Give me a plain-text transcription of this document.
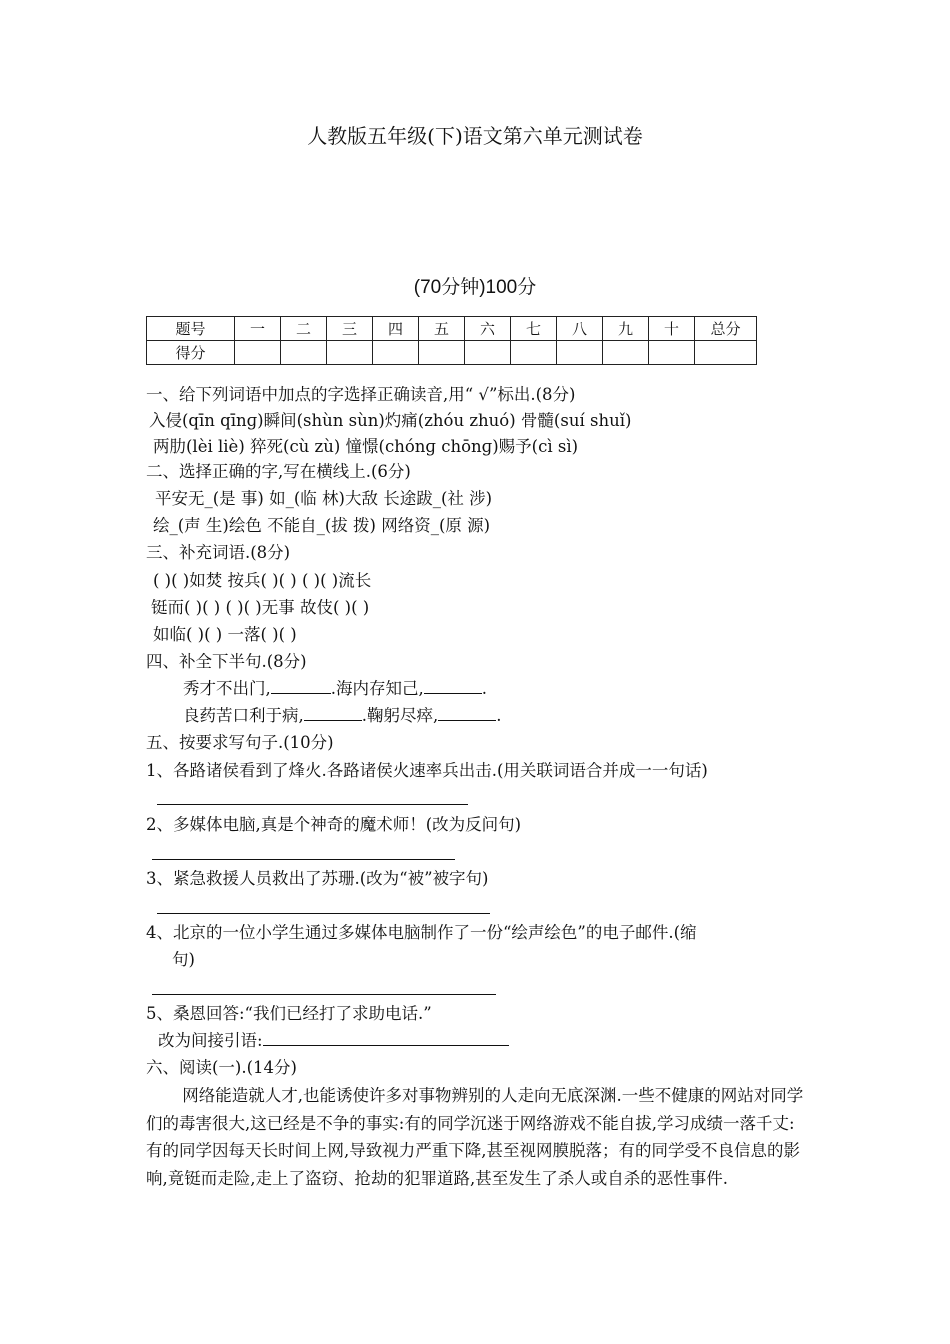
人教版五年级(下)语文第六单元测试卷
(70分钟)100分
题号	一	二	三	四	五	六	七	八	九	十	总分
得分											
一、给下列词语中加点的字选择正确读音,用“ √”标出.(8分)
入侵(qīn qīnɡ)瞬间(shùn sùn)灼痛(zhóu zhuó) 骨髓(suí shuǐ)
两肋(lèi liè) 猝死(cù zù) 憧憬(chónɡ chōnɡ)赐予(cì sì)
二、选择正确的字,写在横线上.(6分)
平安无_(是 事) 如_(临 林)大敌 长途跋_(社 涉)
绘_(声 生)绘色 不能自_(拔 拨) 网络资_(原 源)
三、补充词语.(8分)
( )( )如焚 按兵( )( ) ( )( )流长
铤而( )( ) ( )( )无事 故伎( )( )
如临( )( ) 一落( )( )
四、补全下半句.(8分)
秀才不出门,	.海内存知己,	.
良药苦口利于病,	.鞠躬尽瘁,	.
五、按要求写句子.(10分)
1、各路诸侯看到了烽火.各路诸侯火速率兵出击.(用关联词语合并成一一句话)
2、多媒体电脑,真是个神奇的魔术师！(改为反问句)
3、紧急救援人员救出了苏珊.(改为“被”被字句)
4、北京的一位小学生通过多媒体电脑制作了一份“绘声绘色”的电子邮件.(缩
句)
5、桑恩回答:“我们已经打了求助电话.”
改为间接引语:
六、阅读(一).(14分)
网络能造就人才,也能诱使许多对事物辨别的人走向无底深渊.一些不健康的网站对同学们的毒害很大,这已经是不争的事实:有的同学沉迷于网络游戏不能自拔,学习成绩一落千丈:有的同学因每天长时间上网,导致视力严重下降,甚至视网膜脱落；有的同学受不良信息的影响,竟铤而走险,走上了盗窃、抢劫的犯罪道路,甚至发生了杀人或自杀的恶性事件.
